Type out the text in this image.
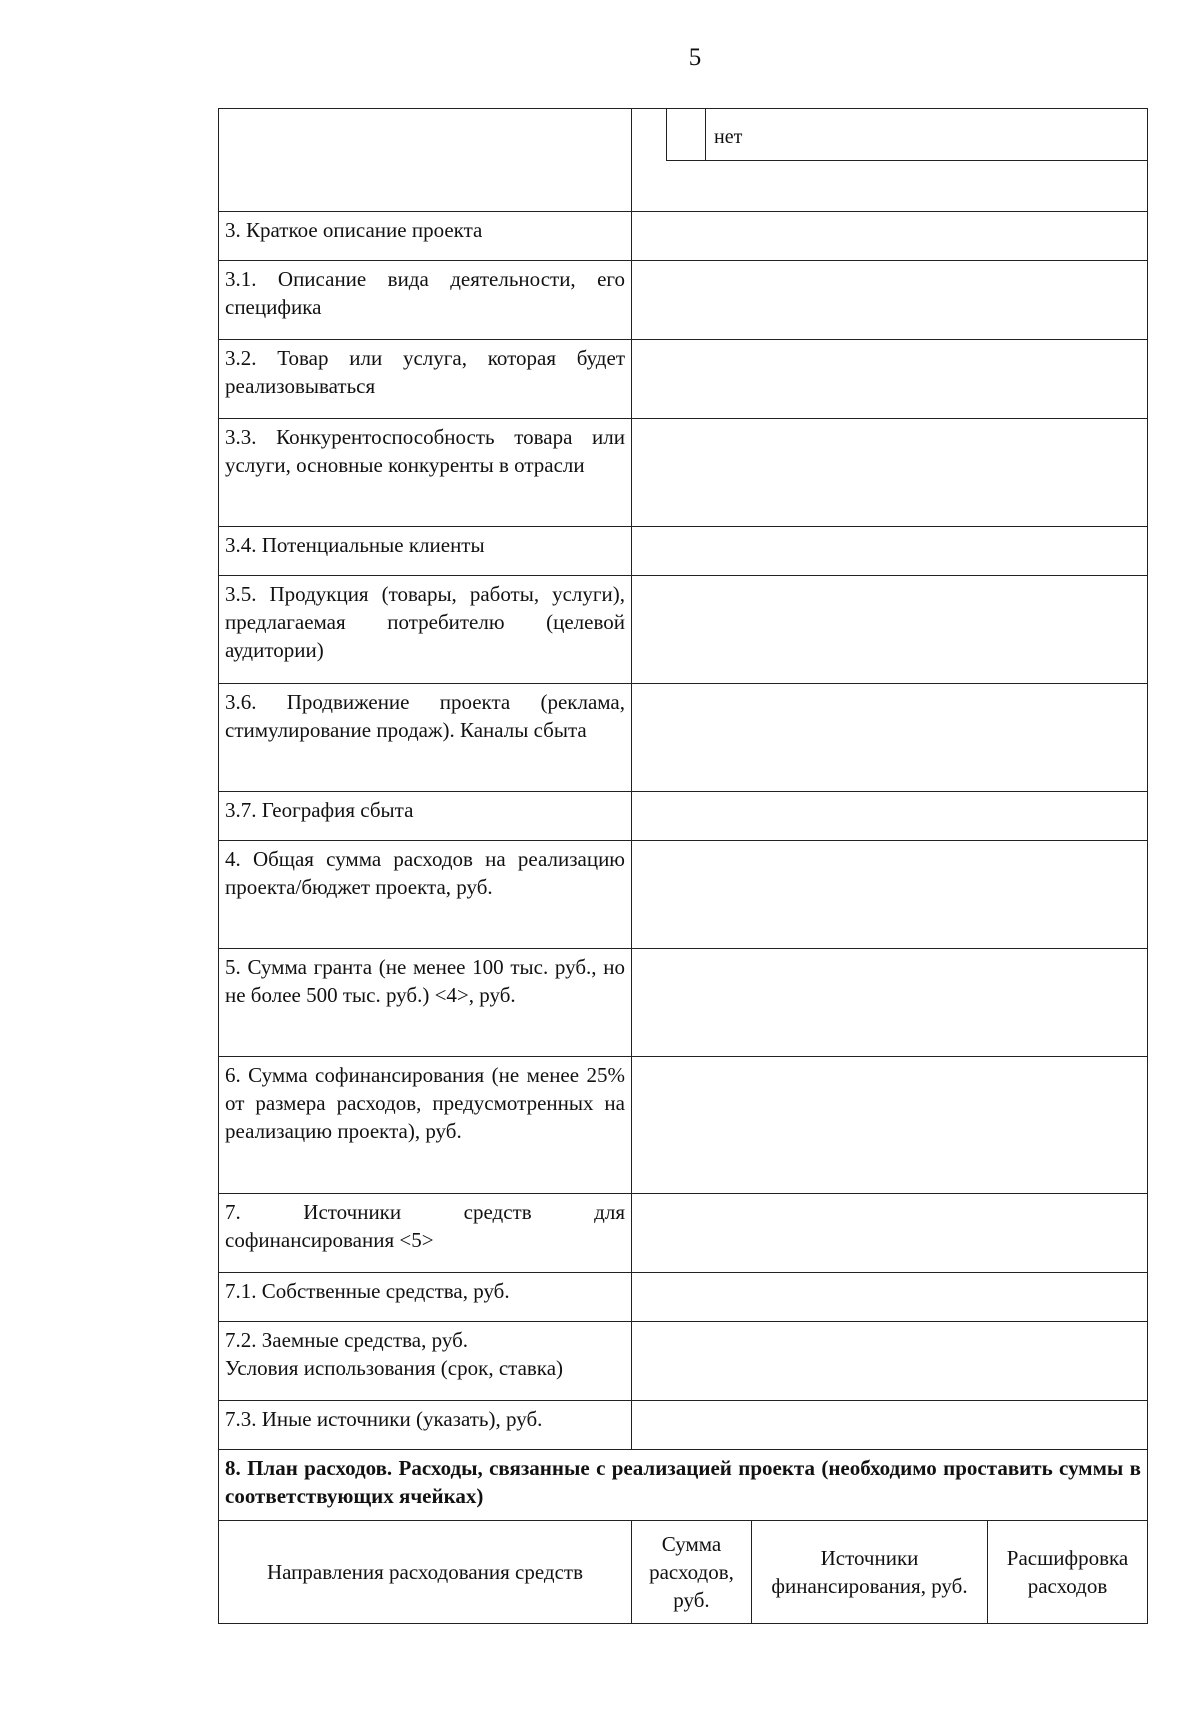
5

	нет		

3. Краткое описание проекта			
3.1. Описание вида деятельности, его специфика			
3.2. Товар или услуга, которая будет реализовываться			
3.3. Конкурентоспособность товара или услуги, основные конкуренты в отрасли			
3.4. Потенциальные клиенты			
3.5. Продукция (товары, работы, услуги), предлагаемая потребителю (целевой аудитории)			
3.6. Продвижение проекта (реклама, стимулирование продаж). Каналы сбыта			
3.7. География сбыта			
4. Общая сумма расходов на реализацию проекта/бюджет проекта, руб.			
5. Сумма гранта (не менее 100 тыс. руб., но не более 500 тыс. руб.) <4>, руб.			
6. Сумма софинансирования (не менее 25% от размера расходов, предусмотренных на реализацию проекта), руб.			
7. Источники средств для софинансирования <5>			
7.1. Собственные средства, руб.			
7.2. Заемные средства, руб.
Условия использования (срок, ставка)			
7.3. Иные источники (указать), руб.			
8. План расходов. Расходы, связанные с реализацией проекта (необходимо проставить суммы в соответствующих ячейках)			
Направления расходования средств	Сумма расходов, руб.	Источники финансирования, руб.	Расшифровка расходов
